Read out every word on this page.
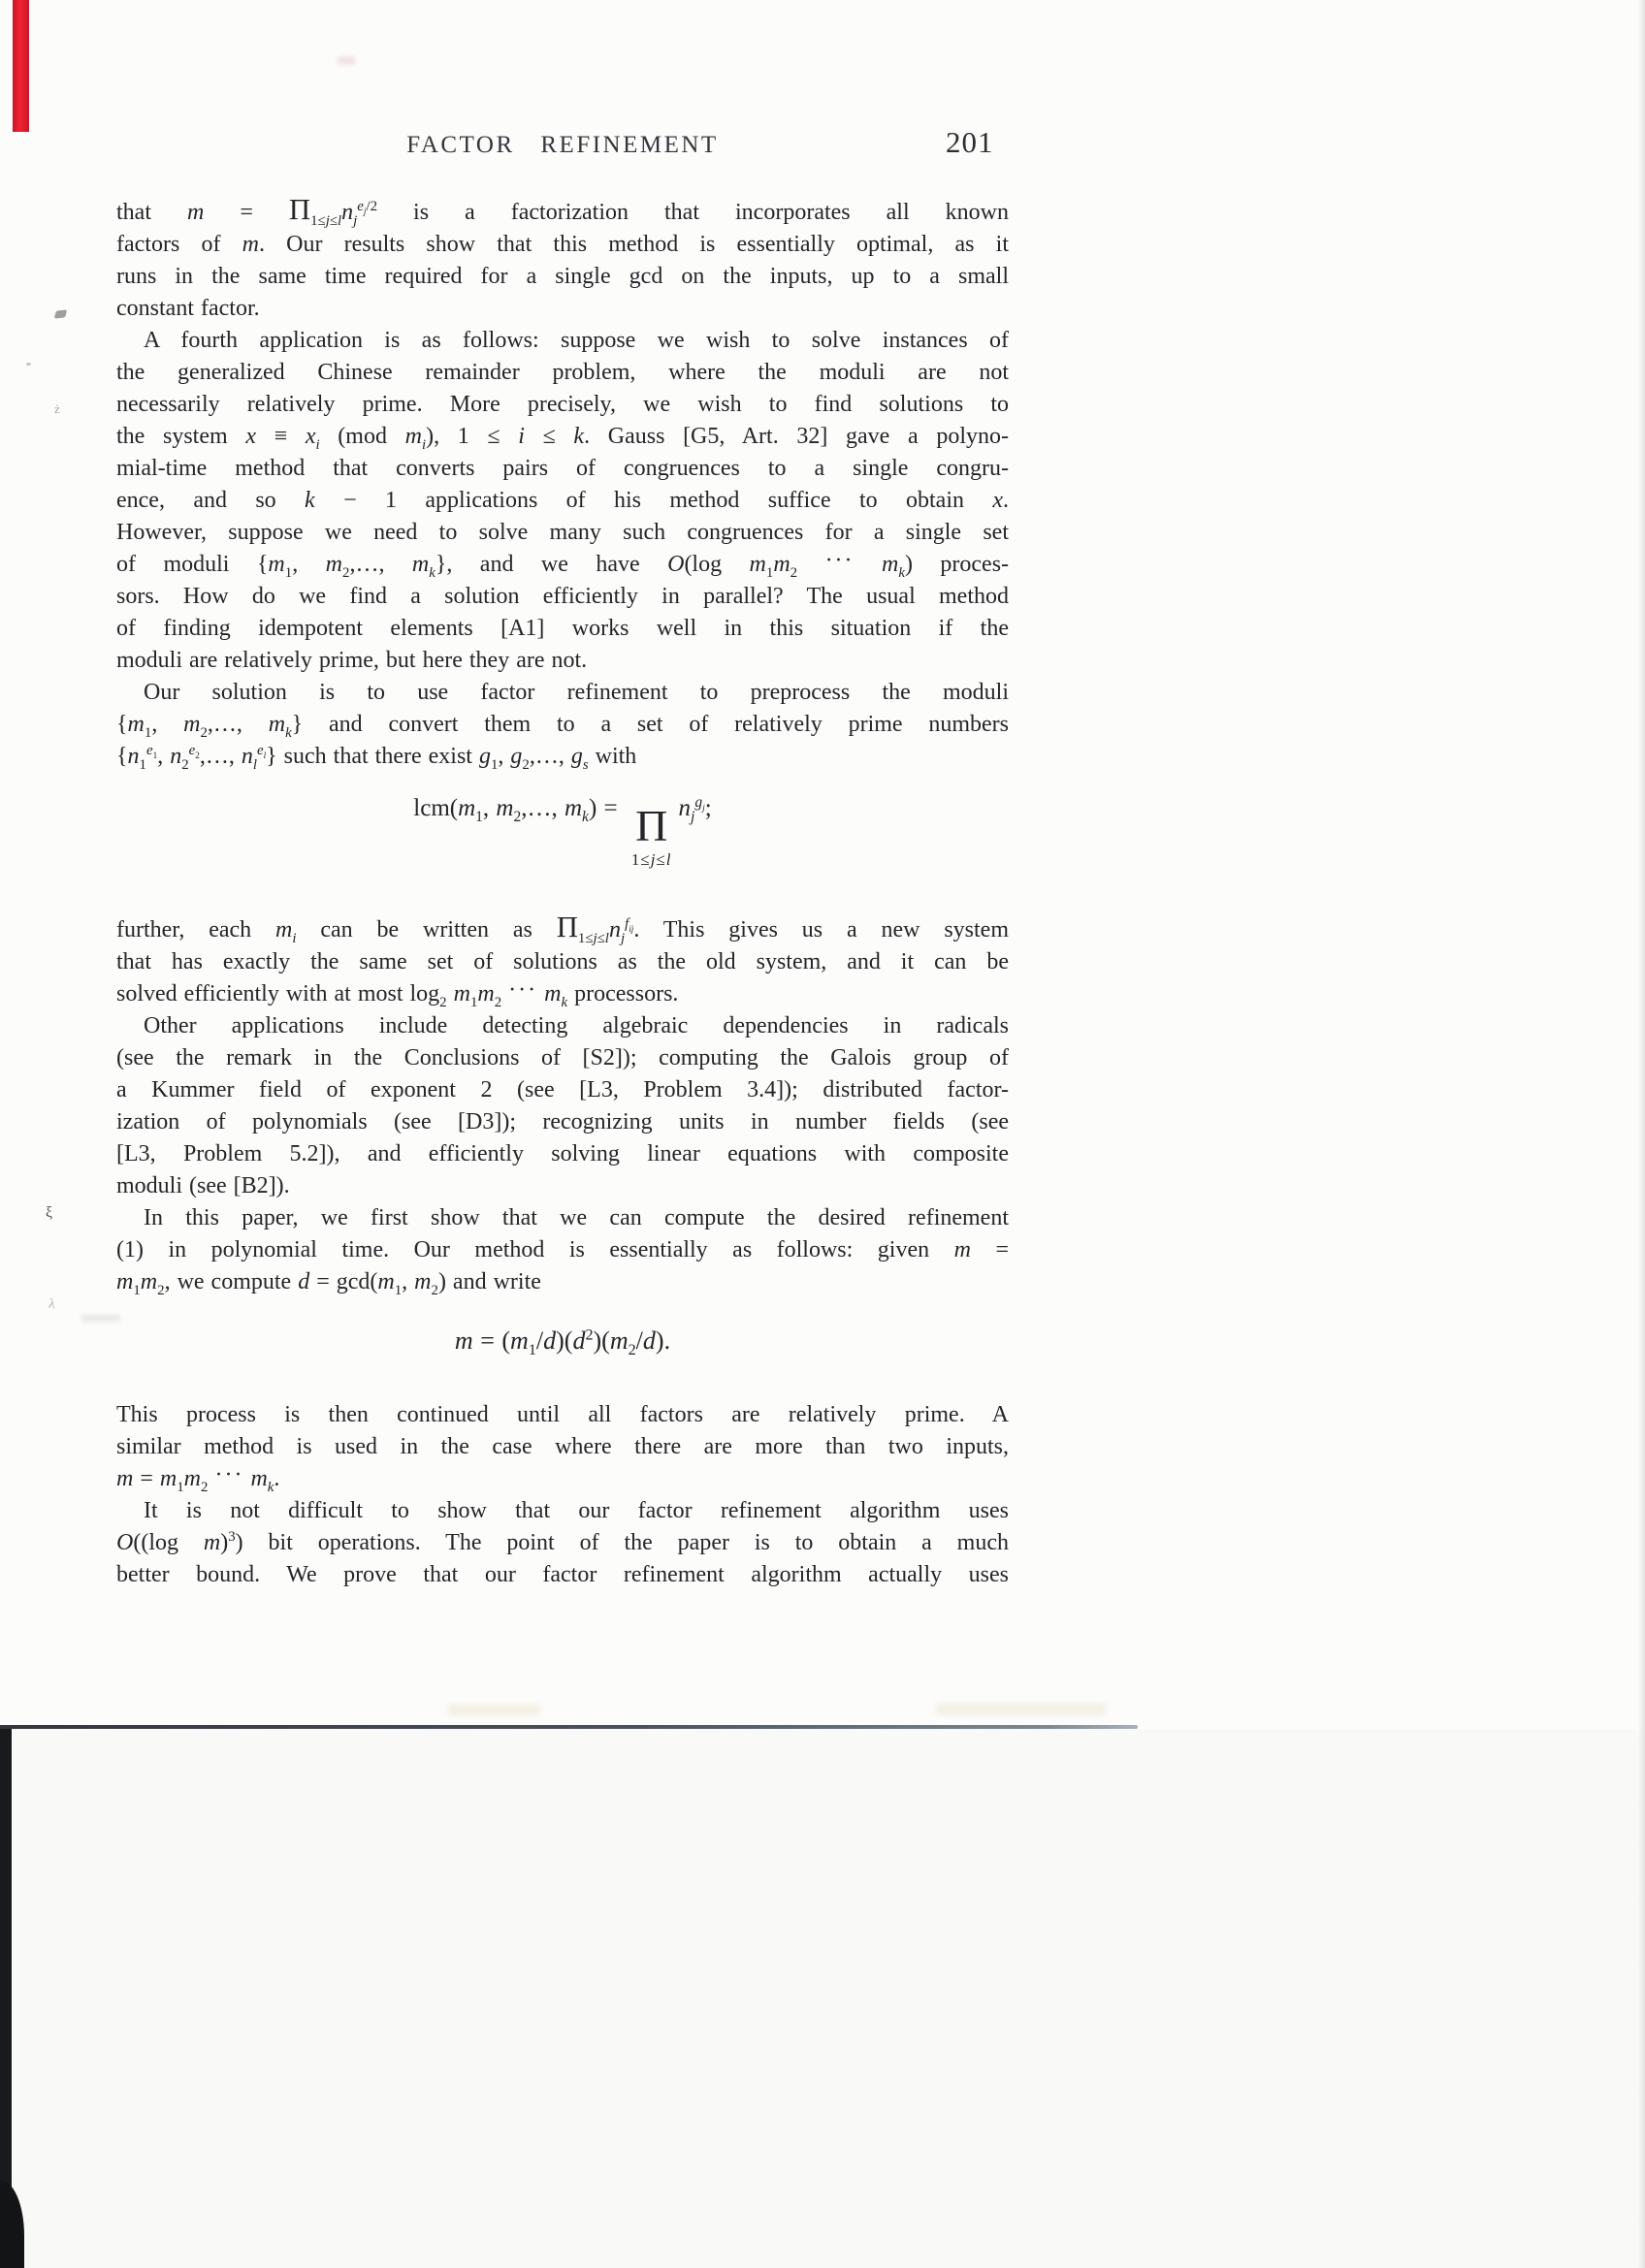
ż
ξ
λ
FACTOR REFINEMENT	201
that $m = \Pi_{1\le j\le l}n_j^{e_j/2}$ is a factorization that incorporates all known
factors of m. Our results show that this method is essentially optimal, as it
runs in the same time required for a single gcd on the inputs, up to a small
constant factor.
A fourth application is as follows: suppose we wish to solve instances of
the generalized Chinese remainder problem, where the moduli are not
necessarily relatively prime. More precisely, we wish to find solutions to
the system $x \equiv x_i$ (mod $m_i$), 1 ≤ i ≤ k. Gauss [G5, Art. 32] gave a polyno-
mial-time method that converts pairs of congruences to a single congru-
ence, and so k − 1 applications of his method suffice to obtain x.
However, suppose we need to solve many such congruences for a single set
of moduli {$m_1$, $m_2,\dots$, $m_k$}, and we have O(log $m_1m_2$ ··· $m_k$) proces-
sors. How do we find a solution efficiently in parallel? The usual method
of finding idempotent elements [A1] works well in this situation if the
moduli are relatively prime, but here they are not.
Our solution is to use factor refinement to preprocess the moduli
{$m_1$, $m_2,\dots$, $m_k$} and convert them to a set of relatively prime numbers
{$n_1^{e_1}$, $n_2^{e_2},\dots$, $n_l^{e_l}$} such that there exist $g_1$, $g_2,\dots$, $g_s$ with
$lcm(m_1$, $m_2,\dots$, $m_k) = \Pi$
1≤j≤l
$n_j^{g_j}$;
further, each $m_i$ can be written as $\Pi_{1\le j\le l}n_j^{f_{ij}}$. This gives us a new system
that has exactly the same set of solutions as the old system, and it can be
solved efficiently with at most $\log_2 m_1m_2$ ··· $m_k$ processors.
Other applications include detecting algebraic dependencies in radicals
(see the remark in the Conclusions of [S2]); computing the Galois group of
a Kummer field of exponent 2 (see [L3, Problem 3.4]); distributed factor-
ization of polynomials (see [D3]); recognizing units in number fields (see
[L3, Problem 5.2]), and efficiently solving linear equations with composite
moduli (see [B2]).
In this paper, we first show that we can compute the desired refinement
(1) in polynomial time. Our method is essentially as follows: given m =
$m_1m_2$, we compute $d = \gcd(m_1$, $m_2$) and write
$m = (m_1/d)(d^2)(m_2/d)$.
This process is then continued until all factors are relatively prime. A
similar method is used in the case where there are more than two inputs,
$m = m_1m_2$ ··· $m_k$.
It is not difficult to show that our factor refinement algorithm uses
O((log m)$^3$) bit operations. The point of the paper is to obtain a much
better bound. We prove that our factor refinement algorithm actually uses
